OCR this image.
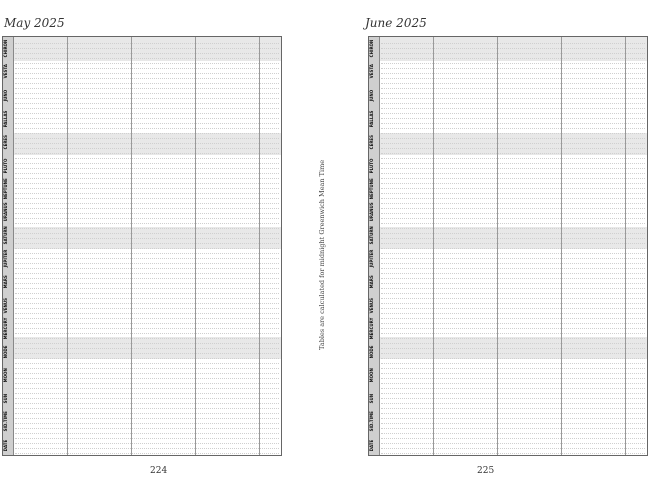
May 2025
DATE
SID.TIME
SUN
MOON
NODE
MERCURY
VENUS
MARS
JUPITER
SATURN
URANUS
NEPTUNE
PLUTO
CERES
PALLAS
JUNO
VESTA
CHIRON
224
Tables are calculated for midnight Greenwich Mean Time
June 2025
DATE
SID.TIME
SUN
MOON
NODE
MERCURY
VENUS
MARS
JUPITER
SATURN
URANUS
NEPTUNE
PLUTO
CERES
PALLAS
JUNO
VESTA
CHIRON
225
